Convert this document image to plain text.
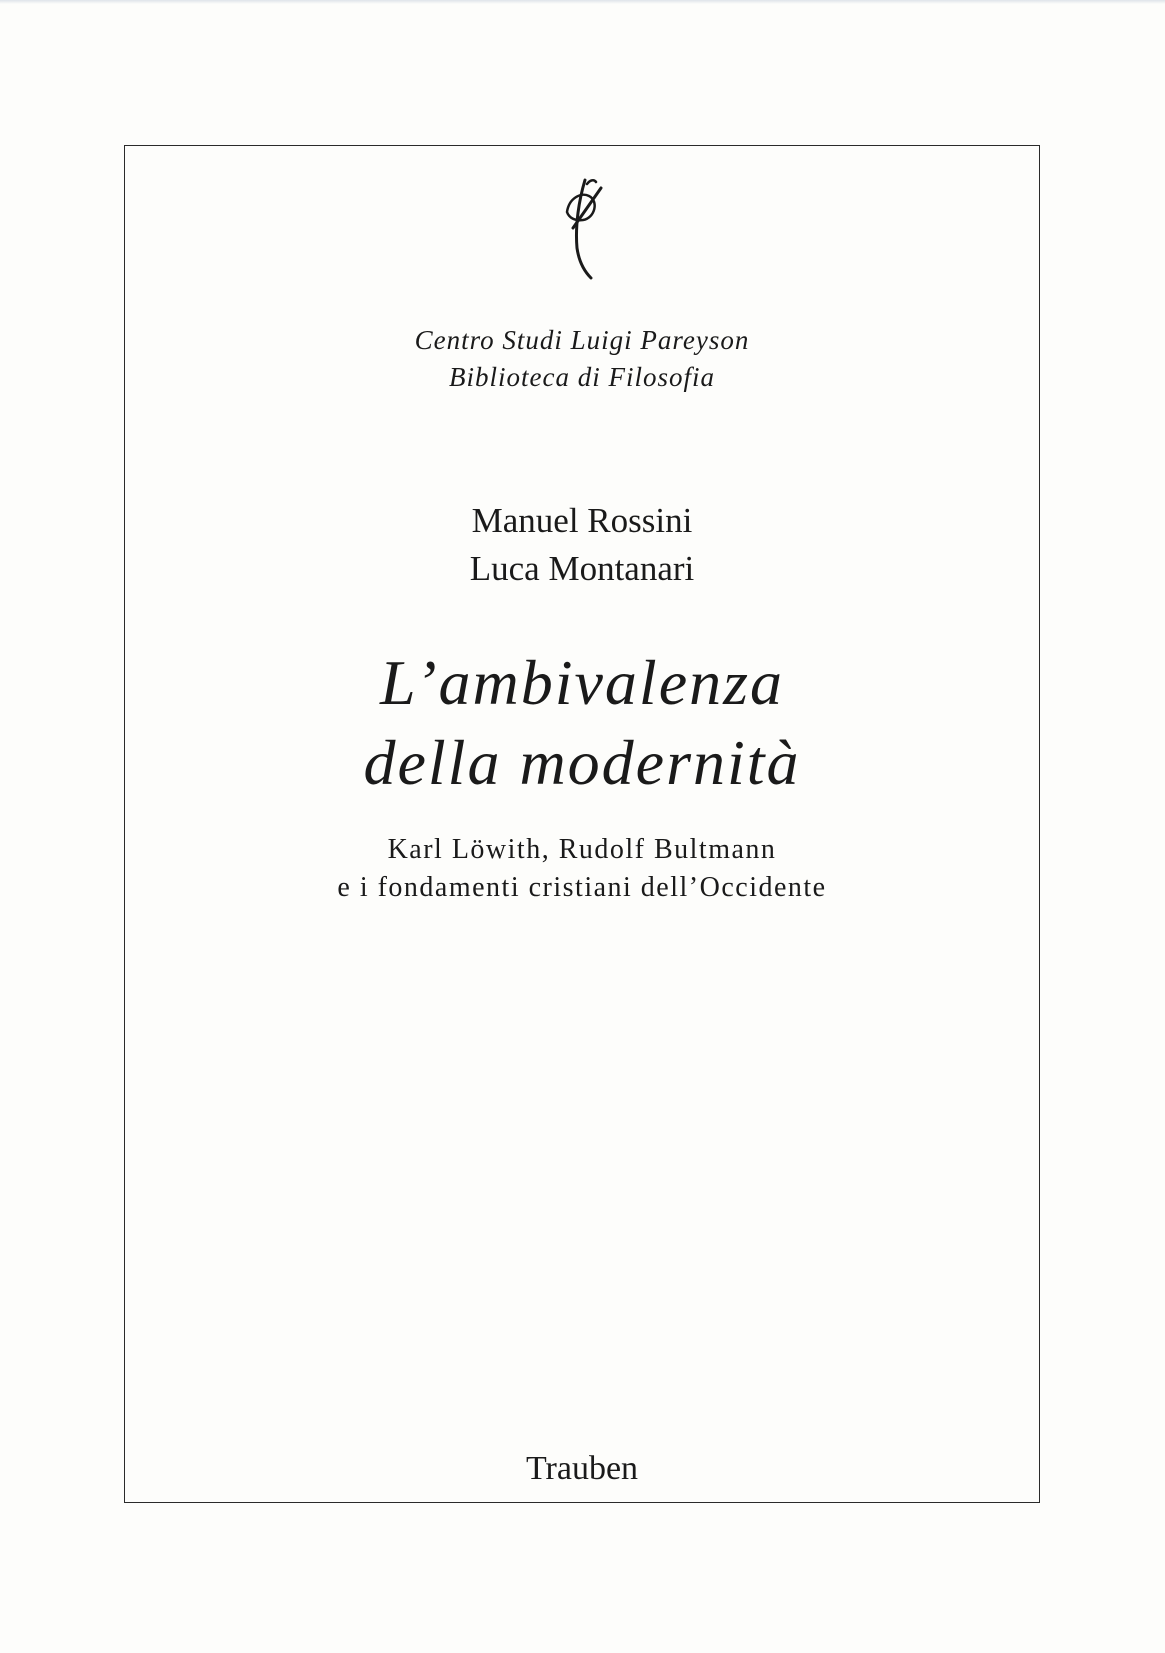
Centro Studi Luigi Pareyson
Biblioteca di Filosofia
Manuel Rossini
Luca Montanari
L’ambivalenza
della modernità
Karl Löwith, Rudolf Bultmann
e i fondamenti cristiani dell’Occidente
Trauben
